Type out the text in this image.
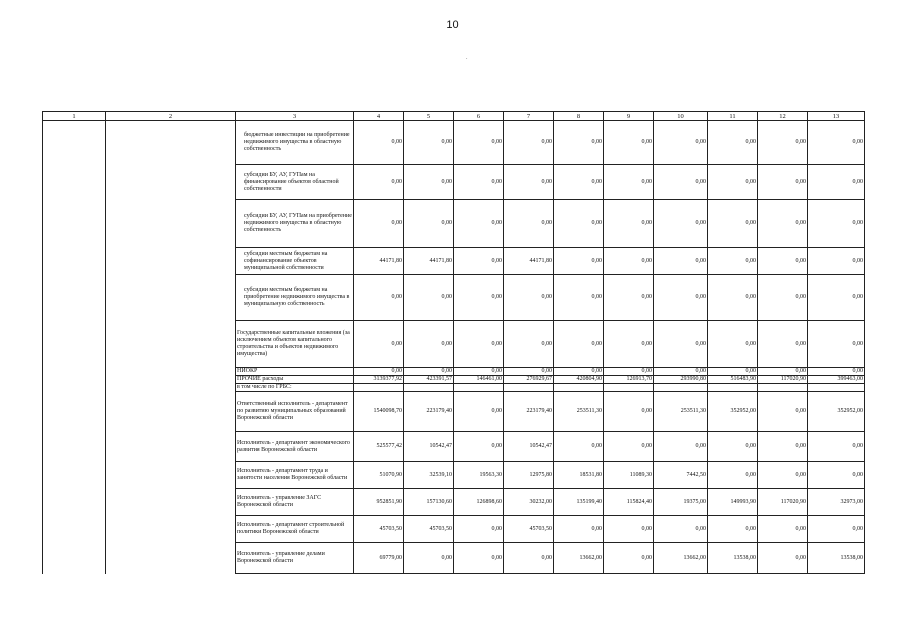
10
.
1	2	3	4	5	6	7	8	9	10	11	12	13
		бюджетные инвестиции на приобретение недвижимого имущества в областную собственность	0,00	0,00	0,00	0,00	0,00	0,00	0,00	0,00	0,00	0,00
		субсидии БУ, АУ, ГУПам на финансирование объектов областной собственности	0,00	0,00	0,00	0,00	0,00	0,00	0,00	0,00	0,00	0,00
		субсидии БУ, АУ, ГУПам на приобретение недвижимого имущества в областную собственность	0,00	0,00	0,00	0,00	0,00	0,00	0,00	0,00	0,00	0,00
		субсидии местным бюджетам на софинансирование объектов муниципальной собственности	44171,80	44171,80	0,00	44171,80	0,00	0,00	0,00	0,00	0,00	0,00
		субсидии местным бюджетам на приобретение недвижимого имущества в муниципальную собственность	0,00	0,00	0,00	0,00	0,00	0,00	0,00	0,00	0,00	0,00
		Государственные капитальные вложения (за исключением объектов капитального строительства и объектов недвижимого имущества)	0,00	0,00	0,00	0,00	0,00	0,00	0,00	0,00	0,00	0,00
		НИОКР	0,00	0,00	0,00	0,00	0,00	0,00	0,00	0,00	0,00	0,00
		ПРОЧИЕ расходы	3139377,92	423391,57	146461,00	276929,67	420804,90	126913,70	293990,80	516483,90	117020,90	399463,00
		в том числе по ГРБС:										
		Ответственный исполнитель - департамент по развитию муниципальных образований Воронежской области	1540098,70	223179,40	0,00	223179,40	253511,30	0,00	253511,30	352952,00	0,00	352952,00
		Исполнитель - департамент экономического развития Воронежской области	525577,42	10542,47	0,00	10542,47	0,00	0,00	0,00	0,00	0,00	0,00
		Исполнитель - департамент труда и занятости населения Воронежской области	51070,90	32539,10	19563,30	12975,80	18531,80	11089,30	7442,50	0,00	0,00	0,00
		Исполнитель - управление ЗАГС Воронежской области	952851,90	157130,60	126898,60	30232,00	135199,40	115824,40	19375,00	149993,90	117020,90	32973,00
		Исполнитель - департамент строительной политики Воронежской области	45703,50	45703,50	0,00	45703,50	0,00	0,00	0,00	0,00	0,00	0,00
		Исполнитель - управление делами Воронежской области	69779,00	0,00	0,00	0,00	13662,00	0,00	13662,00	13538,00	0,00	13538,00
